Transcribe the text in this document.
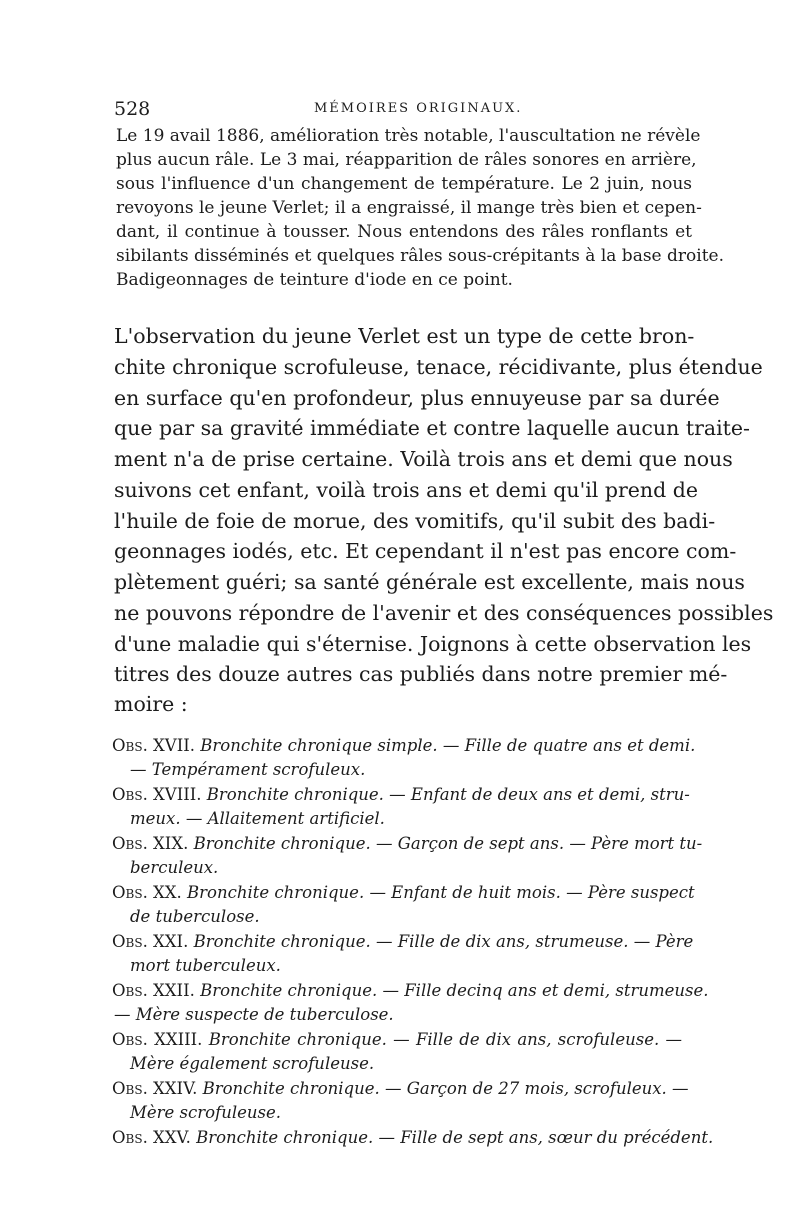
528	MÉMOIRES ORIGINAUX.
Le 19 avail 1886, amélioration très notable, l'auscultation ne révèle
plus aucun râle. Le 3 mai, réapparition de râles sonores en arrière,
sous l'influence d'un changement de température. Le 2 juin, nous
revoyons le jeune Verlet; il a engraissé, il mange très bien et cepen-
dant, il continue à tousser. Nous entendons des râles ronflants et
sibilants disséminés et quelques râles sous-crépitants à la base droite.
Badigeonnages de teinture d'iode en ce point.
L'observation du jeune Verlet est un type de cette bron-
chite chronique scrofuleuse, tenace, récidivante, plus étendue
en surface qu'en profondeur, plus ennuyeuse par sa durée
que par sa gravité immédiate et contre laquelle aucun traite-
ment n'a de prise certaine. Voilà trois ans et demi que nous
suivons cet enfant, voilà trois ans et demi qu'il prend de
l'huile de foie de morue, des vomitifs, qu'il subit des badi-
geonnages iodés, etc. Et cependant il n'est pas encore com-
plètement guéri; sa santé générale est excellente, mais nous
ne pouvons répondre de l'avenir et des conséquences possibles
d'une maladie qui s'éternise. Joignons à cette observation les
titres des douze autres cas publiés dans notre premier mé-
moire :
Obs. XVII. Bronchite chronique simple. — Fille de quatre ans et demi.
— Tempérament scrofuleux.
Obs. XVIII. Bronchite chronique. — Enfant de deux ans et demi, stru-
meux. — Allaitement artificiel.
Obs. XIX. Bronchite chronique. — Garçon de sept ans. — Père mort tu-
berculeux.
Obs. XX. Bronchite chronique. — Enfant de huit mois. — Père suspect
de tuberculose.
Obs. XXI. Bronchite chronique. — Fille de dix ans, strumeuse. — Père
mort tuberculeux.
Obs. XXII. Bronchite chronique. — Fille decinq ans et demi, strumeuse.
— Mère suspecte de tuberculose.
Obs. XXIII. Bronchite chronique. — Fille de dix ans, scrofuleuse. —
Mère également scrofuleuse.
Obs. XXIV. Bronchite chronique. — Garçon de 27 mois, scrofuleux. —
Mère scrofuleuse.
Obs. XXV. Bronchite chronique. — Fille de sept ans, sœur du précédent.
